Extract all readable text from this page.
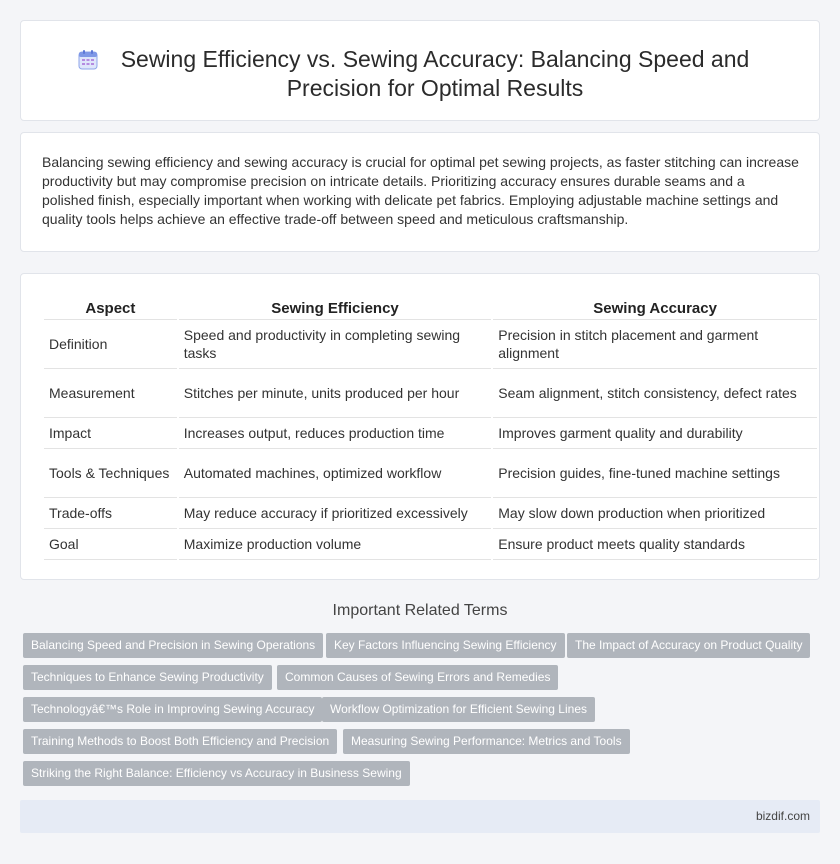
Sewing Efficiency vs. Sewing Accuracy: Balancing Speed and Precision for Optimal Results

Balancing sewing efficiency and sewing accuracy is crucial for optimal pet sewing projects, as faster stitching can increase productivity but may compromise precision on intricate details. Prioritizing accuracy ensures durable seams and a polished finish, especially important when working with delicate pet fabrics. Employing adjustable machine settings and quality tools helps achieve an effective trade-off between speed and meticulous craftsmanship.

Aspect	Sewing Efficiency	Sewing Accuracy
Definition	Speed and productivity in completing sewing tasks	Precision in stitch placement and garment alignment
Measurement	Stitches per minute, units produced per hour	Seam alignment, stitch consistency, defect rates
Impact	Increases output, reduces production time	Improves garment quality and durability
Tools & Techniques	Automated machines, optimized workflow	Precision guides, fine-tuned machine settings
Trade-offs	May reduce accuracy if prioritized excessively	May slow down production when prioritized
Goal	Maximize production volume	Ensure product meets quality standards
Important Related Terms
Balancing Speed and Precision in Sewing Operations	Key Factors Influencing Sewing Efficiency	The Impact of Accuracy on Product Quality
Techniques to Enhance Sewing Productivity	Common Causes of Sewing Errors and Remedies
Technologyâ€™s Role in Improving Sewing Accuracy	Workflow Optimization for Efficient Sewing Lines
Training Methods to Boost Both Efficiency and Precision	Measuring Sewing Performance: Metrics and Tools
Striking the Right Balance: Efficiency vs Accuracy in Business Sewing
bizdif.com
